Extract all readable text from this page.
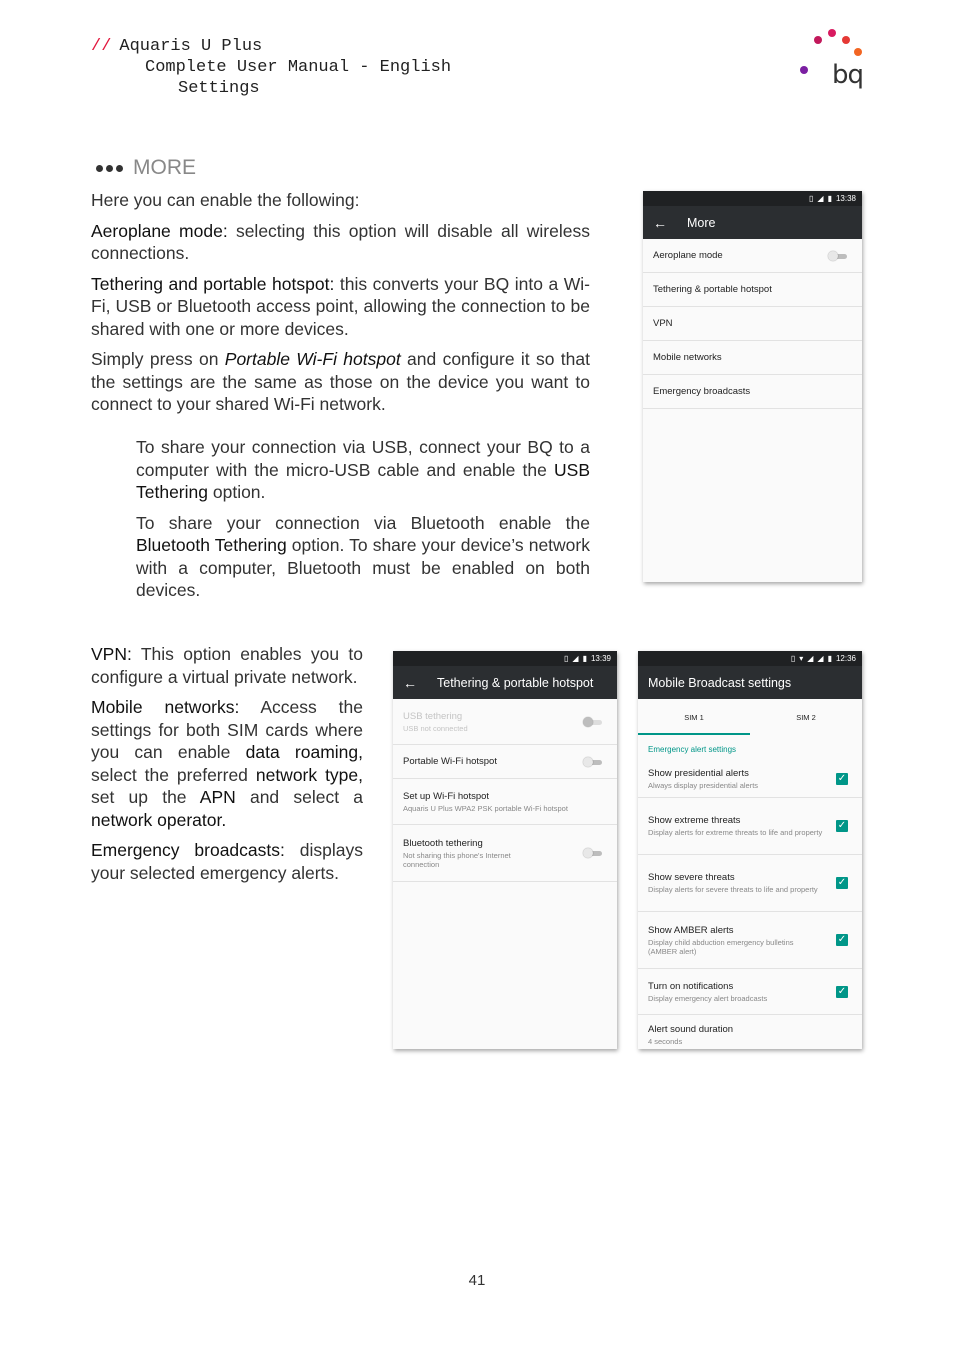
// Aquaris U Plus
Complete User Manual - English
Settings	bq
MORE

Here you can enable the following:

Aeroplane mode: selecting this option will disable all wireless connections.

Tethering and portable hotspot: this converts your BQ into a Wi-Fi, USB or Bluetooth access point, allowing the connection to be shared with one or more devices.

Simply press on Portable Wi-Fi hotspot and configure it so that the settings are the same as those on the device you want to connect to your shared Wi-Fi network.

To share your connection via USB, connect your BQ to a computer with the micro-USB cable and enable the USB Tethering option.

To share your connection via Bluetooth enable the Bluetooth Tethering option. To share your device’s network with a computer, Bluetooth must be enabled on both devices.

VPN: This option enables you to configure a virtual private network.

Mobile networks: Access the settings for both SIM cards where you can enable data roaming, select the preferred network type, set up the APN and select a network operator.

Emergency broadcasts: displays your selected emergency alerts.

▯ ◢ ▮ 13:38
← More
Aeroplane mode
Tethering & portable hotspot
VPN
Mobile networks
Emergency broadcasts
▯ ◢ ▮ 13:39
← Tethering & portable hotspot
USB tethering
USB not connected
Portable Wi-Fi hotspot
Set up Wi-Fi hotspot
Aquaris U Plus WPA2 PSK portable Wi-Fi hotspot
Bluetooth tethering
Not sharing this phone's Internet connection
▯ ▾ ◢ ◢ ▮ 12:36
Mobile Broadcast settings
SIM 1	SIM 2
Emergency alert settings
Show presidential alerts
Always display presidential alerts
✓
Show extreme threats
Display alerts for extreme threats to life and property
✓
Show severe threats
Display alerts for severe threats to life and property
✓
Show AMBER alerts
Display child abduction emergency bulletins (AMBER alert)
✓
Turn on notifications
Display emergency alert broadcasts
✓
Alert sound duration
4 seconds
41
